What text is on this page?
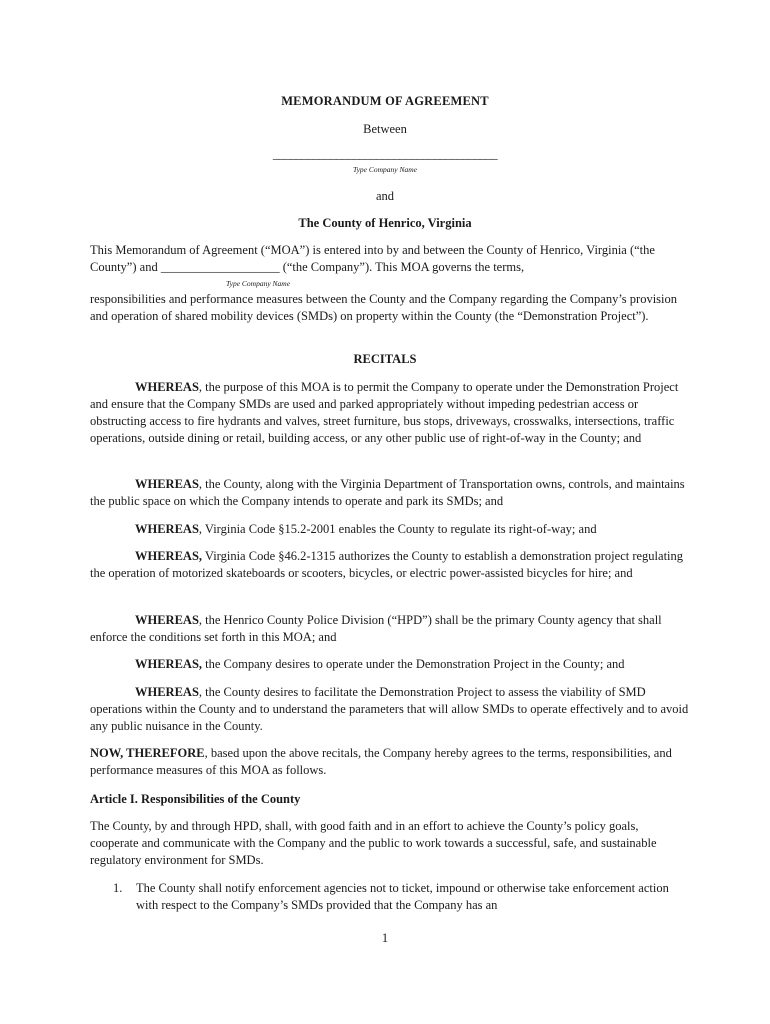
MEMORANDUM OF AGREEMENT
Between
_______________________________________
Type Company Name
and
The County of Henrico, Virginia

This Memorandum of Agreement (“MOA”) is entered into by and between the County of Henrico, Virginia (“the County”) and ___________________ (“the Company”). This MOA governs the terms,

Type Company Name

responsibilities and performance measures between the County and the Company regarding the Company’s provision and operation of shared mobility devices (SMDs) on property within the County (the “Demonstration Project”).

RECITALS

WHEREAS, the purpose of this MOA is to permit the Company to operate under the Demonstration Project and ensure that the Company SMDs are used and parked appropriately without impeding pedestrian access or obstructing access to fire hydrants and valves, street furniture, bus stops, driveways, crosswalks, intersections, traffic operations, outside dining or retail, building access, or any other public use of right-of-way in the County; and

WHEREAS, the County, along with the Virginia Department of Transportation owns, controls, and maintains the public space on which the Company intends to operate and park its SMDs; and

WHEREAS, Virginia Code §15.2-2001 enables the County to regulate its right-of-way; and

WHEREAS, Virginia Code §46.2-1315 authorizes the County to establish a demonstration project regulating the operation of motorized skateboards or scooters, bicycles, or electric power-assisted bicycles for hire; and

WHEREAS, the Henrico County Police Division (“HPD”) shall be the primary County agency that shall enforce the conditions set forth in this MOA; and

WHEREAS, the Company desires to operate under the Demonstration Project in the County; and

WHEREAS, the County desires to facilitate the Demonstration Project to assess the viability of SMD operations within the County and to understand the parameters that will allow SMDs to operate effectively and to avoid any public nuisance in the County.

NOW, THEREFORE, based upon the above recitals, the Company hereby agrees to the terms, responsibilities, and performance measures of this MOA as follows.

Article I. Responsibilities of the County

The County, by and through HPD, shall, with good faith and in an effort to achieve the County’s policy goals, cooperate and communicate with the Company and the public to work towards a successful, safe, and sustainable regulatory environment for SMDs.

1. The County shall notify enforcement agencies not to ticket, impound or otherwise take enforcement action with respect to the Company’s SMDs provided that the Company has an
1
